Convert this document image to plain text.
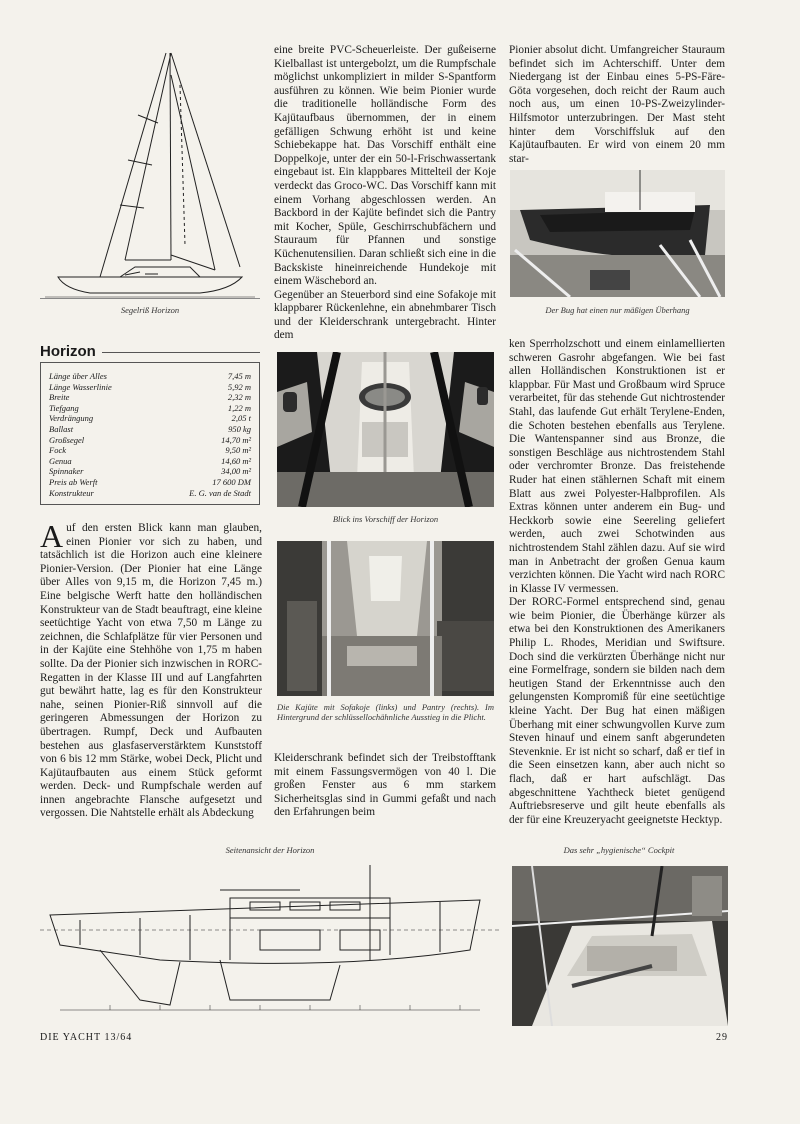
Segelriß Horizon
Horizon
Länge über Alles	7,45 m
Länge Wasserlinie	5,92 m
Breite	2,32 m
Tiefgang	1,22 m
Verdrängung	2,05 t
Ballast	950 kg
Großsegel	14,70 m²
Fock	9,50 m²
Genua	14,60 m²
Spinnaker	34,00 m²
Preis ab Werft	17 600 DM
Konstrukteur	E. G. van de Stadt
Auf den ersten Blick kann man glauben, einen Pionier vor sich zu haben, und tatsächlich ist die Horizon auch eine kleinere Pionier-Version. (Der Pionier hat eine Länge über Alles von 9,15 m, die Horizon 7,45 m.) Eine belgische Werft hatte den holländischen Konstrukteur van de Stadt beauftragt, eine kleine seetüchtige Yacht von etwa 7,50 m Länge zu zeichnen, die Schlafplätze für vier Personen und in der Kajüte eine Stehhöhe von 1,75 m haben sollte. Da der Pionier sich inzwischen in RORC-Regatten in der Klasse III und auf Langfahrten gut bewährt hatte, lag es für den Konstrukteur nahe, seinen Pionier-Riß sinnvoll auf die geringeren Abmessungen der Horizon zu übertragen. Rumpf, Deck und Aufbauten bestehen aus glasfaserverstärktem Kunststoff von 6 bis 12 mm Stärke, wobei Deck, Plicht und Kajütaufbauten aus einem Stück geformt werden. Deck- und Rumpfschale werden auf innen angebrachte Flansche aufgesetzt und vergossen. Die Nahtstelle erhält als Abdeckung

eine breite PVC-Scheuerleiste. Der gußeiserne Kielballast ist untergebolzt, um die Rumpfschale möglichst unkompliziert in milder S-Spantform ausführen zu können. Wie beim Pionier wurde die traditionelle holländische Form des Kajütaufbaus übernommen, der in einem gefälligen Schwung erhöht ist und keine Schiebekappe hat. Das Vorschiff enthält eine Doppelkoje, unter der ein 50-l-Frischwassertank eingebaut ist. Ein klappbares Mittelteil der Koje verdeckt das Groco-WC. Das Vorschiff kann mit einem Vorhang abgeschlossen werden. An Backbord in der Kajüte befindet sich die Pantry mit Kocher, Spüle, Geschirrschubfächern und Stauraum für Pfannen und sonstige Küchenutensilien. Daran schließt sich eine in die Backskiste hineinreichende Hundekoje mit einem Wäschebord an.

Gegenüber an Steuerbord sind eine Sofakoje mit klappbarer Rückenlehne, ein abnehmbarer Tisch und der Kleiderschrank untergebracht. Hinter dem

Blick ins Vorschiff der Horizon
Die Kajüte mit Sofakoje (links) und Pantry (rechts). Im Hintergrund der schlüssellochähnliche Ausstieg in die Plicht.

Kleiderschrank befindet sich der Treibstofftank mit einem Fassungsvermögen von 40 l. Die großen Fenster aus 6 mm starkem Sicherheitsglas sind in Gummi gefaßt und nach den Erfahrungen beim

Pionier absolut dicht. Umfangreicher Stauraum befindet sich im Achterschiff. Unter dem Niedergang ist der Einbau eines 5-PS-Färe-Göta vorgesehen, doch reicht der Raum auch noch aus, um einen 10-PS-Zweizylinder-Hilfsmotor unterzubringen. Der Mast steht hinter dem Vorschiffsluk auf den Kajütaufbauten. Er wird von einem 20 mm star-

Der Bug hat einen nur mäßigen Überhang

ken Sperrholzschott und einem einlamellierten schweren Gasrohr abgefangen. Wie bei fast allen Holländischen Konstruktionen ist er klappbar. Für Mast und Großbaum wird Spruce verarbeitet, für das stehende Gut nichtrostender Stahl, das laufende Gut erhält Terylene-Enden, die Schoten bestehen ebenfalls aus Terylene. Die Wantenspanner sind aus Bronze, die sonstigen Beschläge aus nichtrostendem Stahl oder verchromter Bronze. Das freistehende Ruder hat einen stählernen Schaft mit einem Blatt aus zwei Polyester-Halbprofilen. Als Extras können unter anderem ein Bug- und Heckkorb sowie eine Seereling geliefert werden, auch zwei Schotwinden aus nichtrostendem Stahl zählen dazu. Auf sie wird man in Anbetracht der großen Genua kaum verzichten können. Die Yacht wird nach RORC in Klasse IV vermessen.

Der RORC-Formel entsprechend sind, genau wie beim Pionier, die Überhänge kürzer als etwa bei den Konstruktionen des Amerikaners Philip L. Rhodes, Meridian und Swiftsure. Doch sind die verkürzten Überhänge nicht nur eine Formelfrage, sondern sie bilden nach dem heutigen Stand der Erkenntnisse auch den gelungensten Kompromiß für eine seetüchtige kleine Yacht. Der Bug hat einen mäßigen Überhang mit einer schwungvollen Kurve zum Steven hinauf und einem sanft abgerundeten Stevenknie. Er ist nicht so scharf, daß er tief in die Seen einsetzen kann, aber auch nicht so flach, daß er hart aufschlägt. Das abgeschnittene Yachtheck bietet genügend Auftriebsreserve und gilt heute ebenfalls als der für eine Kreuzeryacht geeignetste Hecktyp.

Seitenansicht der Horizon	Das sehr „hygienische“ Cockpit
DIE YACHT 13/64	29
